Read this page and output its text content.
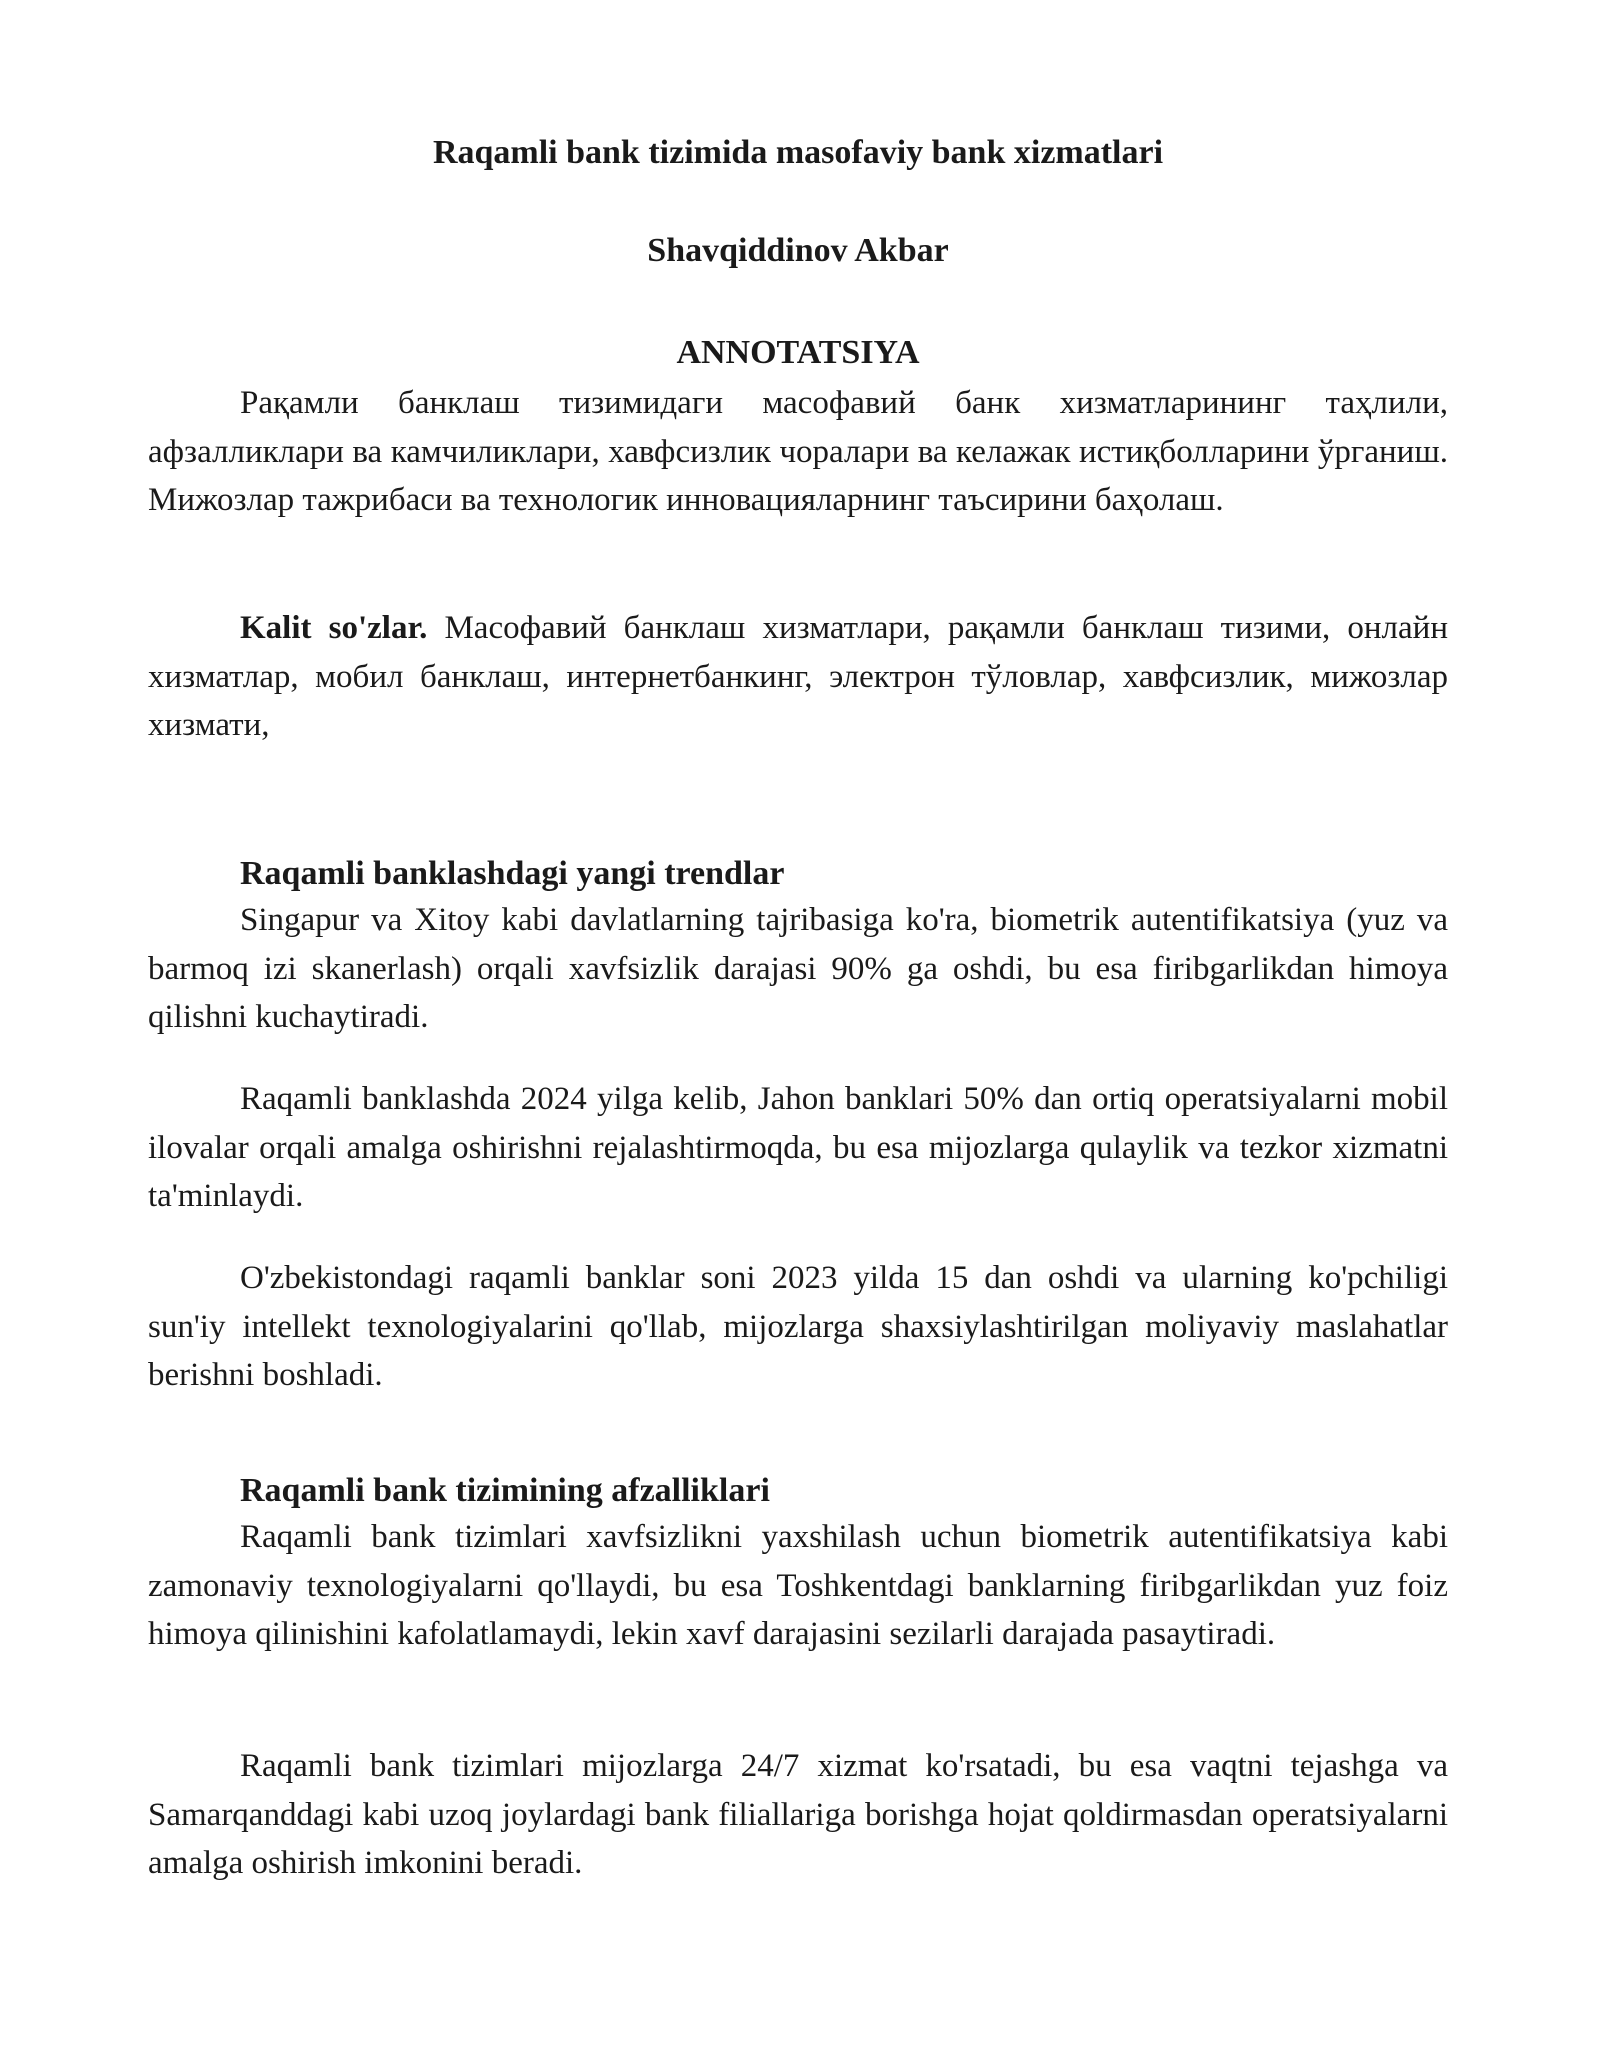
Raqamli bank tizimida masofaviy bank xizmatlari

Shavqiddinov Akbar

ANNOTATSIYA

Рақамли банклаш тизимидаги масофавий банк хизматларининг таҳлили, афзалликлари ва камчиликлари, хавфсизлик чоралари ва келажак истиқболларини ўрганиш. Мижозлар тажрибаси ва технологик инновацияларнинг таъсирини баҳолаш.

Kalit so'zlar. Масофавий банклаш хизматлари, рақамли банклаш тизими, онлайн хизматлар, мобил банклаш, интернетбанкинг, электрон тўловлар, хавфсизлик, мижозлар хизмати,

Raqamli banklashdagi yangi trendlar

Singapur va Xitoy kabi davlatlarning tajribasiga ko'ra, biometrik autentifikatsiya (yuz va barmoq izi skanerlash) orqali xavfsizlik darajasi 90% ga oshdi, bu esa firibgarlikdan himoya qilishni kuchaytiradi.

Raqamli banklashda 2024 yilga kelib, Jahon banklari 50% dan ortiq operatsiyalarni mobil ilovalar orqali amalga oshirishni rejalashtirmoqda, bu esa mijozlarga qulaylik va tezkor xizmatni ta'minlaydi.

O'zbekistondagi raqamli banklar soni 2023 yilda 15 dan oshdi va ularning ko'pchiligi sun'iy intellekt texnologiyalarini qo'llab, mijozlarga shaxsiylashtirilgan moliyaviy maslahatlar berishni boshladi.

Raqamli bank tizimining afzalliklari

Raqamli bank tizimlari xavfsizlikni yaxshilash uchun biometrik autentifikatsiya kabi zamonaviy texnologiyalarni qo'llaydi, bu esa Toshkentdagi banklarning firibgarlikdan yuz foiz himoya qilinishini kafolatlamaydi, lekin xavf darajasini sezilarli darajada pasaytiradi.

Raqamli bank tizimlari mijozlarga 24/7 xizmat ko'rsatadi, bu esa vaqtni tejashga va Samarqanddagi kabi uzoq joylardagi bank filiallariga borishga hojat qoldirmasdan operatsiyalarni amalga oshirish imkonini beradi.
